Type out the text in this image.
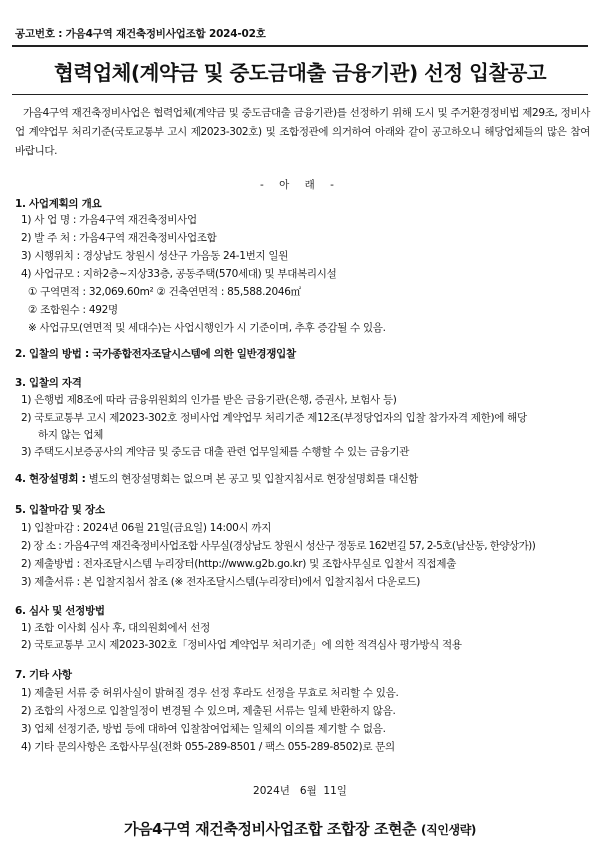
공고번호 : 가음4구역 재건축정비사업조합 2024-02호
협력업체(계약금 및 중도금대출 금융기관) 선정 입찰공고

가음4구역 재건축정비사업은 협력업체(계약금 및 중도금대출 금융기관)를 선정하기 위해 도시 및 주거환경정비법 제29조, 정비사업 계약업무 처리기준(국토교통부 고시 제2023-302호) 및 조합정관에 의거하여 아래와 같이 공고하오니 해당업체들의 많은 참여 바랍니다.

- 아 래 -
1. 사업계획의 개요
1) 사 업 명 : 가음4구역 재건축정비사업
2) 발 주 처 : 가음4구역 재건축정비사업조합
3) 시행위치 : 경상남도 창원시 성산구 가음동 24-1번지 일원
4) 사업규모 : 지하2층~지상33층, 공동주택(570세대) 및 부대복리시설
① 구역면적 : 32,069.60m² ② 건축연면적 : 85,588.2046㎡
② 조합원수 : 492명
※ 사업규모(연면적 및 세대수)는 사업시행인가 시 기준이며, 추후 증감될 수 있음.
2. 입찰의 방법 : 국가종합전자조달시스템에 의한 일반경쟁입찰
3. 입찰의 자격
1) 은행법 제8조에 따라 금융위원회의 인가를 받은 금융기관(은행, 증권사, 보험사 등)
2) 국토교통부 고시 제2023-302호 정비사업 계약업무 처리기준 제12조(부정당업자의 입찰 참가자격 제한)에 해당
하지 않는 업체
3) 주택도시보증공사의 계약금 및 중도금 대출 관련 업무일체를 수행할 수 있는 금융기관
4. 현장설명회 : 별도의 현장설명회는 없으며 본 공고 및 입찰지침서로 현장설명회를 대신함
5. 입찰마감 및 장소
1) 입찰마감 : 2024년 06월 21일(금요일) 14:00시 까지
2) 장 소 : 가음4구역 재건축정비사업조합 사무실(경상남도 창원시 성산구 정동로 162번길 57, 2-5호(남산동, 한양상가))
2) 제출방법 : 전자조달시스템 누리장터(http://www.g2b.go.kr) 및 조합사무실로 입찰서 직접제출
3) 제출서류 : 본 입찰지침서 참조 (※ 전자조달시스템(누리장터)에서 입찰지침서 다운로드)
6. 심사 및 선정방법
1) 조합 이사회 심사 후, 대의원회에서 선정
2) 국토교통부 고시 제2023-302호「정비사업 계약업무 처리기준」에 의한 적격심사 평가방식 적용
7. 기타 사항
1) 제출된 서류 중 허위사실이 밝혀질 경우 선정 후라도 선정을 무효로 처리할 수 있음.
2) 조합의 사정으로 입찰일정이 변경될 수 있으며, 제출된 서류는 일체 반환하지 않음.
3) 업체 선정기준, 방법 등에 대하여 입찰참여업체는 일체의 이의를 제기할 수 없음.
4) 기타 문의사항은 조합사무실(전화 055-289-8501 / 팩스 055-289-8502)로 문의
2024년   6월  11일
가음4구역 재건축정비사업조합 조합장 조현춘 (직인생략)
